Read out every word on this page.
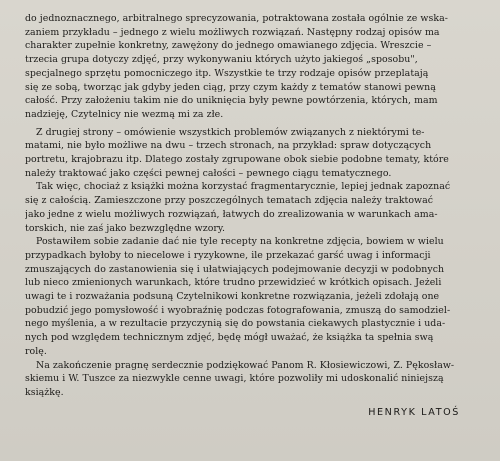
do jednoznacznego, arbitralnego sprecyzowania, potraktowana została ogólnie ze wska-
zaniem przykładu – jednego z wielu możliwych rozwiązań. Następny rodzaj opisów ma
charakter zupełnie konkretny, zawężony do jednego omawianego zdjęcia. Wreszcie –
trzecia grupa dotyczy zdjęć, przy wykonywaniu których użyto jakiegoś „sposobu",
specjalnego sprzętu pomocniczego itp. Wszystkie te trzy rodzaje opisów przeplatają
się ze sobą, tworząc jak gdyby jeden ciąg, przy czym każdy z tematów stanowi pewną
całość. Przy założeniu takim nie do uniknięcia były pewne powtórzenia, których, mam
nadzieję, Czytelnicy nie wezmą mi za złe.
Z drugiej strony – omówienie wszystkich problemów związanych z niektórymi te-
matami, nie było możliwe na dwu – trzech stronach, na przykład: spraw dotyczących
portretu, krajobrazu itp. Dlatego zostały zgrupowane obok siebie podobne tematy, które
należy traktować jako części pewnej całości – pewnego ciągu tematycznego.
Tak więc, chociaż z książki można korzystać fragmentarycznie, lepiej jednak zapoznać
się z całością. Zamieszczone przy poszczególnych tematach zdjęcia należy traktować
jako jedne z wielu możliwych rozwiązań, łatwych do zrealizowania w warunkach ama-
torskich, nie zaś jako bezwzględne wzory.
Postawiłem sobie zadanie dać nie tyle recepty na konkretne zdjęcia, bowiem w wielu
przypadkach byłoby to niecelowe i ryzykowne, ile przekazać garść uwag i informacji
zmuszających do zastanowienia się i ułatwiających podejmowanie decyzji w podobnych
lub nieco zmienionych warunkach, które trudno przewidzieć w krótkich opisach. Jeżeli
uwagi te i rozważania podsuną Czytelnikowi konkretne rozwiązania, jeżeli zdołają one
pobudzić jego pomysłowość i wyobraźnię podczas fotografowania, zmuszą do samodziel-
nego myślenia, a w rezultacie przyczynią się do powstania ciekawych plastycznie i uda-
nych pod względem technicznym zdjęć, będę mógł uważać, że książka ta spełnia swą
rolę.
Na zakończenie pragnę serdecznie podziękować Panom R. Kłosiewiczowi, Z. Pękosław-
skiemu i W. Tuszce za niezwykle cenne uwagi, które pozwoliły mi udoskonalić niniejszą
książkę.
HENRYK LATOŚ
